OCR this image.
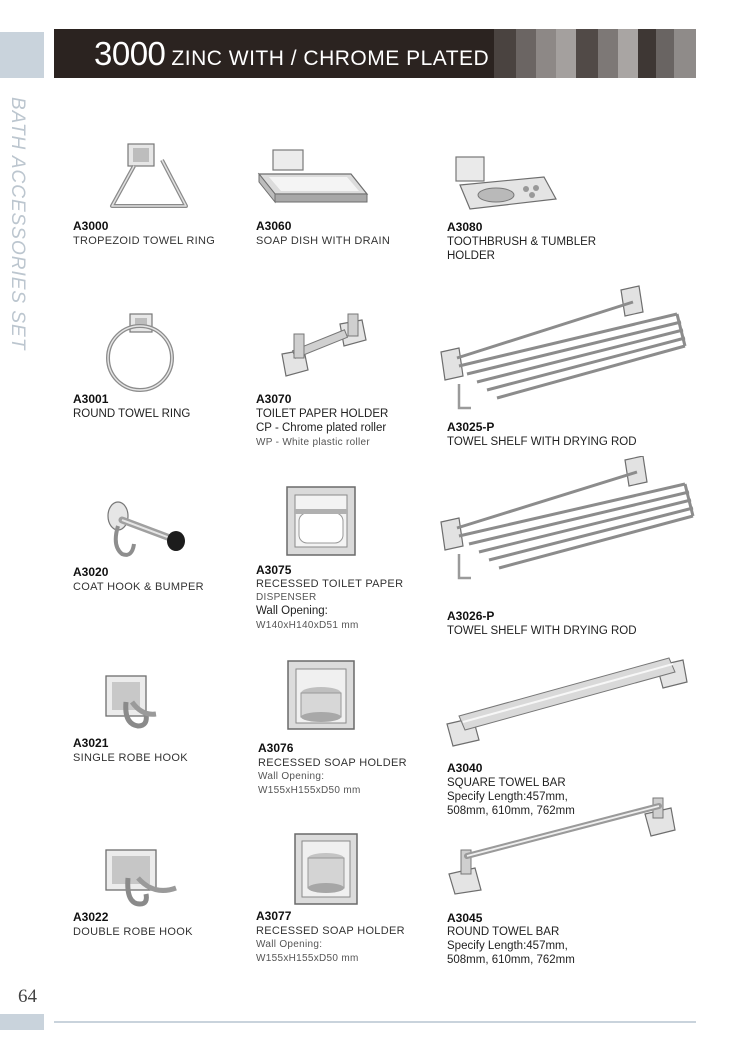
3000 ZINC WITH / CHROME PLATED
BATH ACCESSORIES SET	A3000
TROPEZOID TOWEL RING
A3060
SOAP DISH WITH DRAIN
A3080
TOOTHBRUSH & TUMBLER
HOLDER
A3001
ROUND TOWEL RING
A3070
TOILET PAPER HOLDER
CP - Chrome plated roller
WP - White plastic roller
A3025-P
TOWEL SHELF WITH DRYING ROD
A3020
COAT HOOK & BUMPER
A3075
RECESSED TOILET PAPER
DISPENSER
Wall Opening:
W140xH140xD51 mm
A3026-P
TOWEL SHELF WITH DRYING ROD
A3021
SINGLE ROBE HOOK
A3076
RECESSED SOAP HOLDER
Wall Opening:
W155xH155xD50 mm
A3040
SQUARE TOWEL BAR
Specify Length:457mm,
508mm, 610mm, 762mm
A3022
DOUBLE ROBE HOOK
A3077
RECESSED SOAP HOLDER
Wall Opening:
W155xH155xD50 mm
A3045
ROUND TOWEL BAR
Specify Length:457mm,
508mm, 610mm, 762mm
64
